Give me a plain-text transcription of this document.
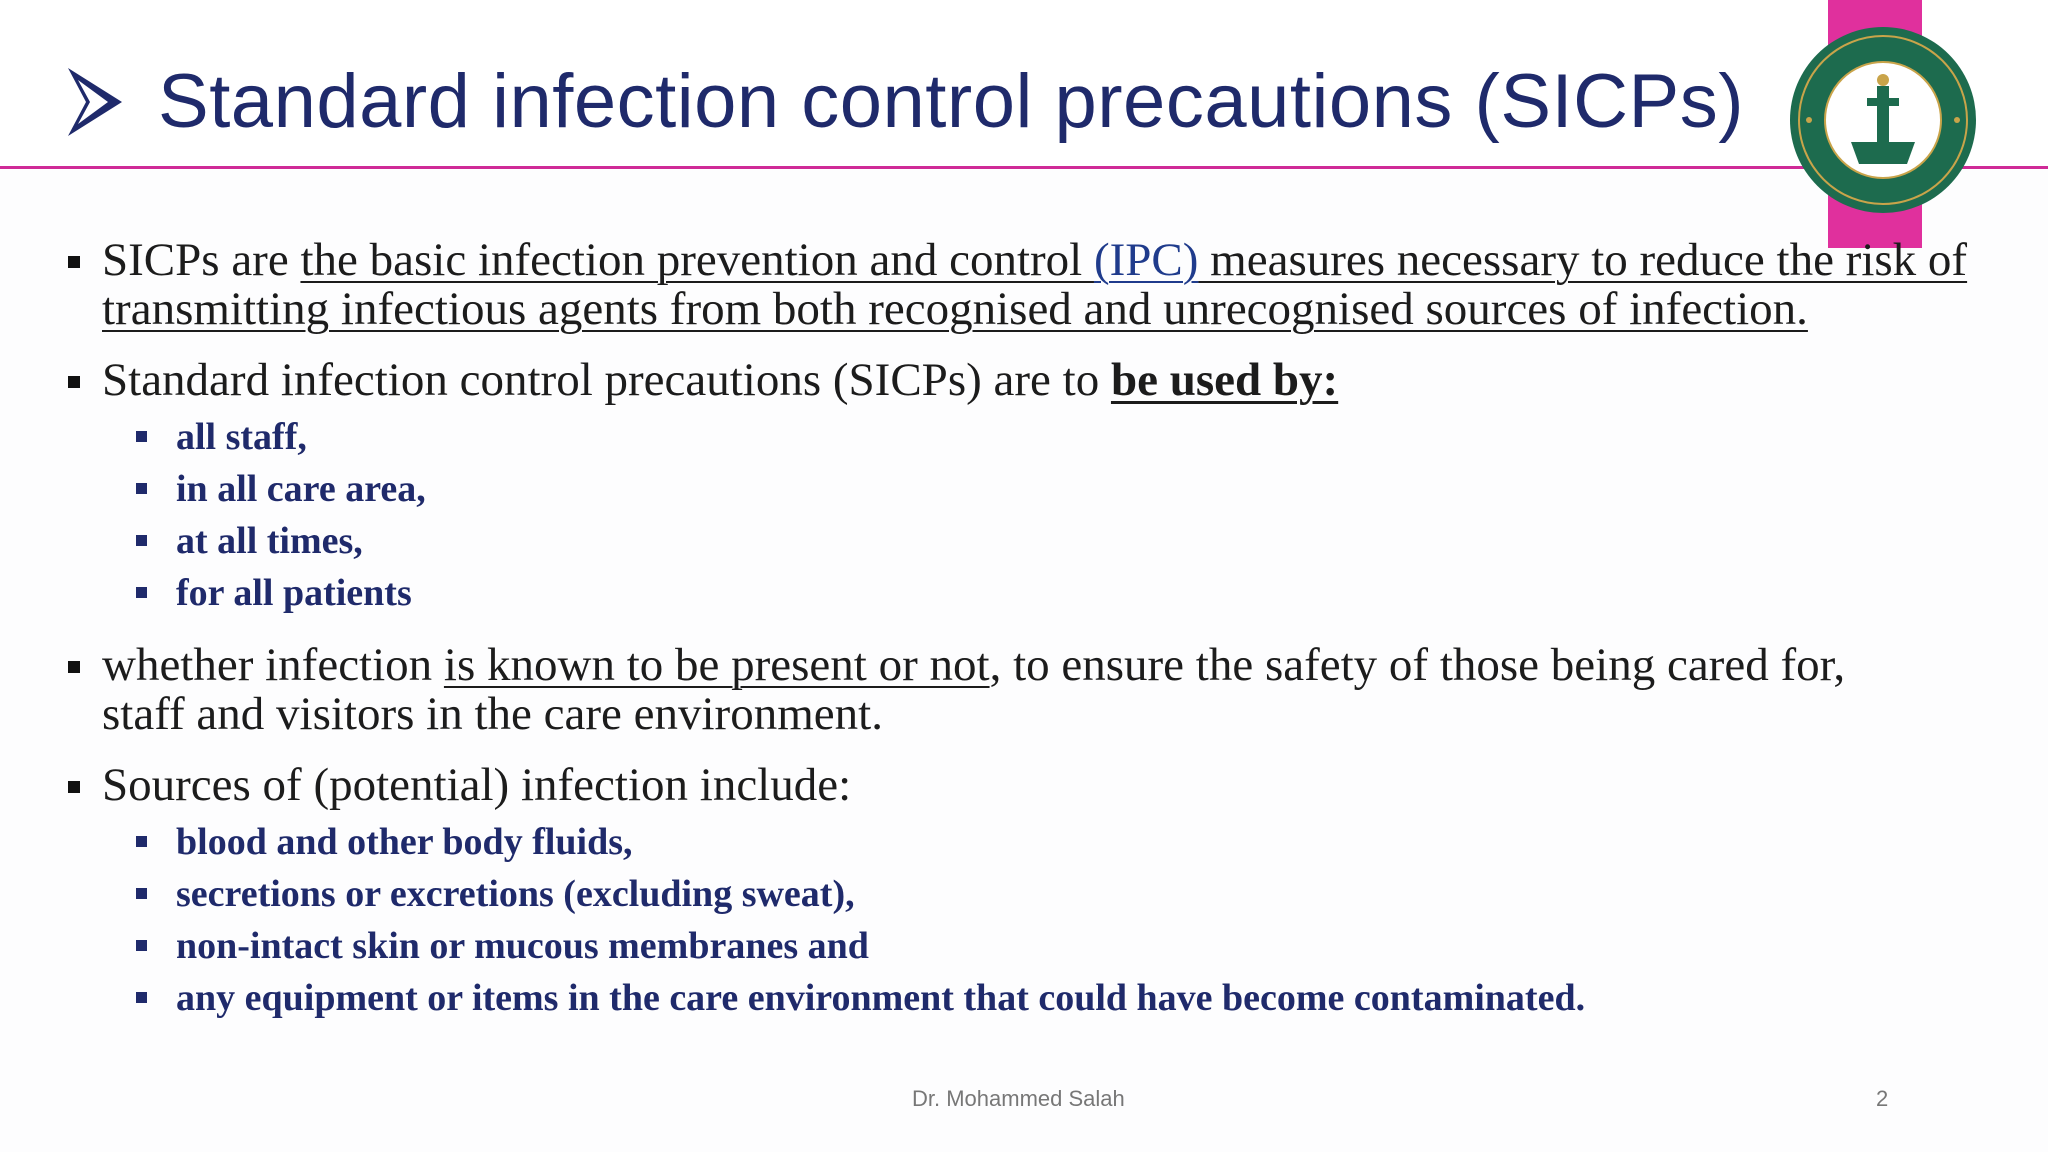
Standard infection control precautions (SICPs)
SICPs are the basic infection prevention and control (IPC) measures necessary to reduce the risk of transmitting infectious agents from both recognised and unrecognised sources of infection.
Standard infection control precautions (SICPs) are to be used by:
all staff,
in all care area,
at all times,
for all patients
whether infection is known to be present or not, to ensure the safety of those being cared for, staff and visitors in the care environment.
Sources of (potential) infection include:
blood and other body fluids,
secretions or excretions (excluding sweat),
non-intact skin or mucous membranes and
any equipment or items in the care environment that could have become contaminated.
Dr. Mohammed Salah	2
